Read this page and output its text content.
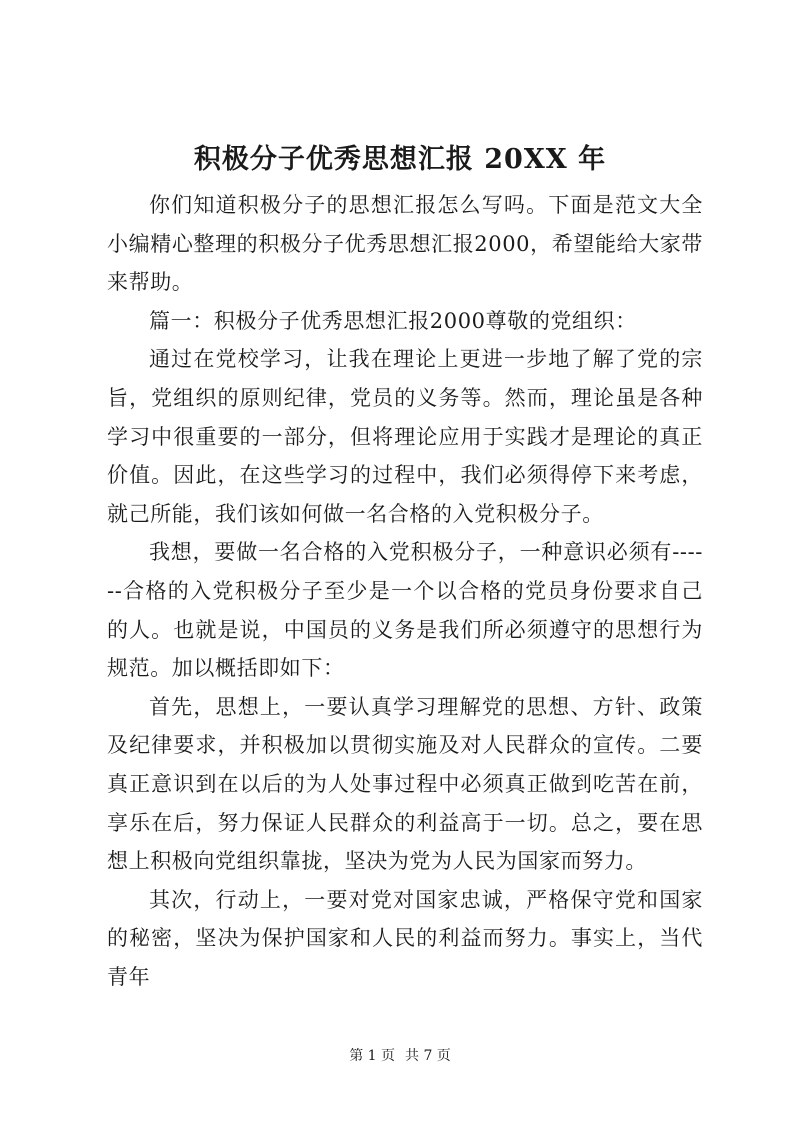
积极分子优秀思想汇报 20XX 年

你们知道积极分子的思想汇报怎么写吗。下面是范文大全小编精心整理的积极分子优秀思想汇报2000，希望能给大家带来帮助。

篇一：积极分子优秀思想汇报2000尊敬的党组织：

通过在党校学习，让我在理论上更进一步地了解了党的宗旨，党组织的原则纪律，党员的义务等。然而，理论虽是各种学习中很重要的一部分，但将理论应用于实践才是理论的真正价值。因此，在这些学习的过程中，我们必须得停下来考虑，就己所能，我们该如何做一名合格的入党积极分子。

我想，要做一名合格的入党积极分子，一种意识必须有------合格的入党积极分子至少是一个以合格的党员身份要求自己的人。也就是说，中国员的义务是我们所必须遵守的思想行为规范。加以概括即如下：

首先，思想上，一要认真学习理解党的思想、方针、政策及纪律要求，并积极加以贯彻实施及对人民群众的宣传。二要真正意识到在以后的为人处事过程中必须真正做到吃苦在前，享乐在后，努力保证人民群众的利益高于一切。总之，要在思想上积极向党组织靠拢，坚决为党为人民为国家而努力。

其次，行动上，一要对党对国家忠诚，严格保守党和国家的秘密，坚决为保护国家和人民的利益而努力。事实上，当代青年

第 1 页 共 7 页
